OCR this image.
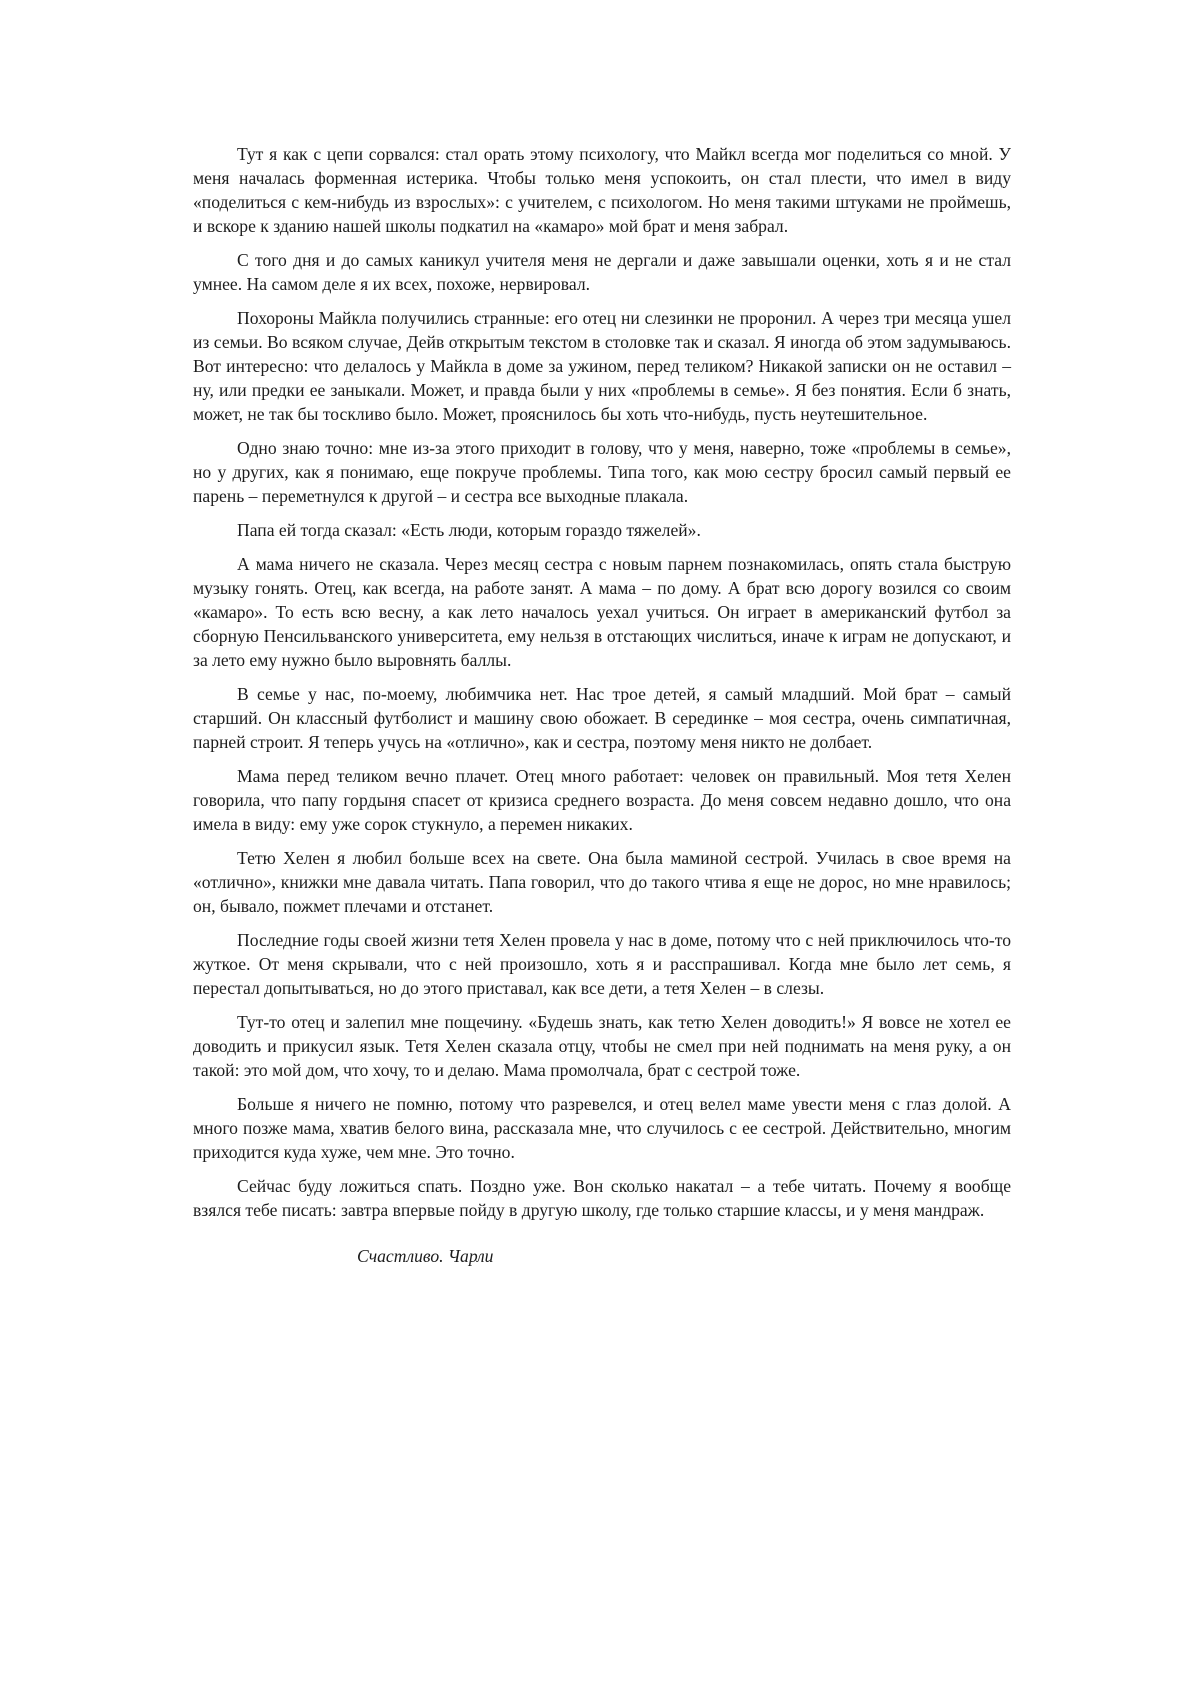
Тут я как с цепи сорвался: стал орать этому психологу, что Майкл всегда мог поделиться со мной. У меня началась форменная истерика. Чтобы только меня успокоить, он стал плести, что имел в виду «поделиться с кем-нибудь из взрослых»: с учителем, с психологом. Но меня такими штуками не проймешь, и вскоре к зданию нашей школы подкатил на «камаро» мой брат и меня забрал.

С того дня и до самых каникул учителя меня не дергали и даже завышали оценки, хоть я и не стал умнее. На самом деле я их всех, похоже, нервировал.

Похороны Майкла получились странные: его отец ни слезинки не проронил. А через три месяца ушел из семьи. Во всяком случае, Дейв открытым текстом в столовке так и сказал. Я иногда об этом задумываюсь. Вот интересно: что делалось у Майкла в доме за ужином, перед теликом? Никакой записки он не оставил – ну, или предки ее заныкали. Может, и правда были у них «проблемы в семье». Я без понятия. Если б знать, может, не так бы тоскливо было. Может, прояснилось бы хоть что-нибудь, пусть неутешительное.

Одно знаю точно: мне из-за этого приходит в голову, что у меня, наверно, тоже «проблемы в семье», но у других, как я понимаю, еще покруче проблемы. Типа того, как мою сестру бросил самый первый ее парень – переметнулся к другой – и сестра все выходные плакала.

Папа ей тогда сказал: «Есть люди, которым гораздо тяжелей».

А мама ничего не сказала. Через месяц сестра с новым парнем познакомилась, опять стала быструю музыку гонять. Отец, как всегда, на работе занят. А мама – по дому. А брат всю дорогу возился со своим «камаро». То есть всю весну, а как лето началось уехал учиться. Он играет в американский футбол за сборную Пенсильванского университета, ему нельзя в отстающих числиться, иначе к играм не допускают, и за лето ему нужно было выровнять баллы.

В семье у нас, по-моему, любимчика нет. Нас трое детей, я самый младший. Мой брат – самый старший. Он классный футболист и машину свою обожает. В серединке – моя сестра, очень симпатичная, парней строит. Я теперь учусь на «отлично», как и сестра, поэтому меня никто не долбает.

Мама перед теликом вечно плачет. Отец много работает: человек он правильный. Моя тетя Хелен говорила, что папу гордыня спасет от кризиса среднего возраста. До меня совсем недавно дошло, что она имела в виду: ему уже сорок стукнуло, а перемен никаких.

Тетю Хелен я любил больше всех на свете. Она была маминой сестрой. Училась в свое время на «отлично», книжки мне давала читать. Папа говорил, что до такого чтива я еще не дорос, но мне нравилось; он, бывало, пожмет плечами и отстанет.

Последние годы своей жизни тетя Хелен провела у нас в доме, потому что с ней приключилось что-то жуткое. От меня скрывали, что с ней произошло, хоть я и расспрашивал. Когда мне было лет семь, я перестал допытываться, но до этого приставал, как все дети, а тетя Хелен – в слезы.

Тут-то отец и залепил мне пощечину. «Будешь знать, как тетю Хелен доводить!» Я вовсе не хотел ее доводить и прикусил язык. Тетя Хелен сказала отцу, чтобы не смел при ней поднимать на меня руку, а он такой: это мой дом, что хочу, то и делаю. Мама промолчала, брат с сестрой тоже.

Больше я ничего не помню, потому что разревелся, и отец велел маме увести меня с глаз долой. А много позже мама, хватив белого вина, рассказала мне, что случилось с ее сестрой. Действительно, многим приходится куда хуже, чем мне. Это точно.

Сейчас буду ложиться спать. Поздно уже. Вон сколько накатал – а тебе читать. Почему я вообще взялся тебе писать: завтра впервые пойду в другую школу, где только старшие классы, и у меня мандраж.

Счастливо. Чарли
